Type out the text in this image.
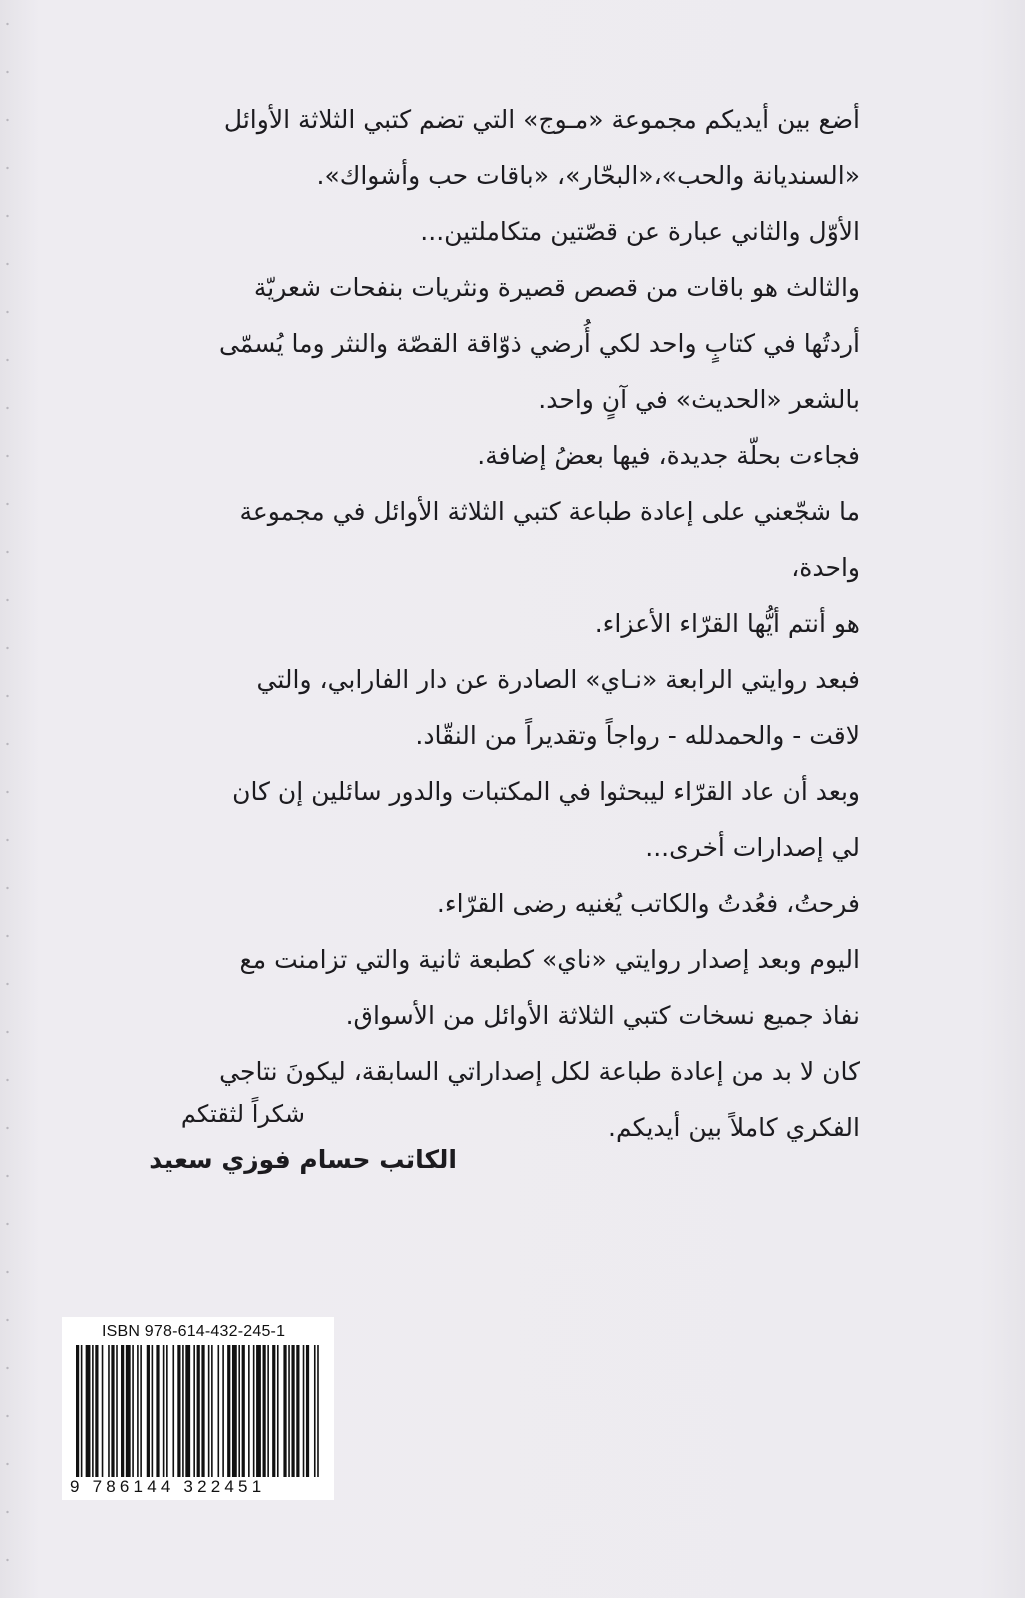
أضع بين أيديكم مجموعة «مـوج» التي تضم كتبي الثلاثة الأوائل
«السنديانة والحب»،«البحّار»، «باقات حب وأشواك».
الأوّل والثاني عبارة عن قصّتين متكاملتين...
والثالث هو باقات من قصص قصيرة ونثريات بنفحات شعريّة
أردتُها في كتابٍ واحد لكي أُرضي ذوّاقة القصّة والنثر وما يُسمّى
بالشعر «الحديث» في آنٍ واحد.
فجاءت بحلّة جديدة، فيها بعضُ إضافة.
ما شجّعني على إعادة طباعة كتبي الثلاثة الأوائل في مجموعة
واحدة،
هو أنتم أيُّها القرّاء الأعزاء.
فبعد روايتي الرابعة «نـاي» الصادرة عن دار الفارابي، والتي
لاقت - والحمدلله - رواجاً وتقديراً من النقّاد.
وبعد أن عاد القرّاء ليبحثوا في المكتبات والدور سائلين إن كان
لي إصدارات أخرى...
فرحتُ، فعُدتُ والكاتب يُغنيه رضى القرّاء.
اليوم وبعد إصدار روايتي «ناي» كطبعة ثانية والتي تزامنت مع
نفاذ جميع نسخات كتبي الثلاثة الأوائل من الأسواق.
كان لا بد من إعادة طباعة لكل إصداراتي السابقة، ليكونَ نتاجي
الفكري كاملاً بين أيديكم.
شكراً لثقتكم
الكاتب حسام فوزي سعيد
ISBN 978-614-432-245-1
9 786144 322451
